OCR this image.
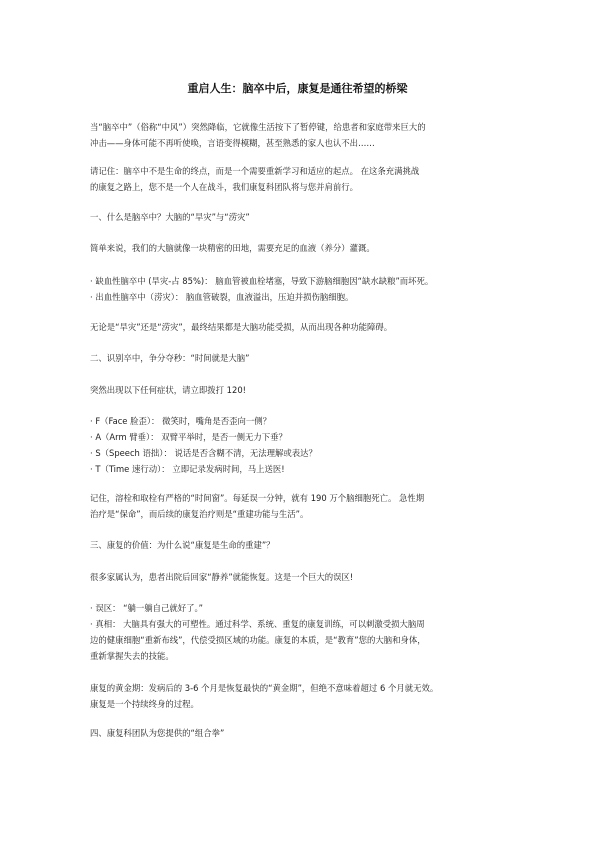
重启人生：脑卒中后，康复是通往希望的桥梁
当“脑卒中”（俗称“中风”）突然降临，它就像生活按下了暂停键，给患者和家庭带来巨大的
冲击——身体可能不再听使唤，言语变得模糊，甚至熟悉的家人也认不出……
请记住：脑卒中不是生命的终点，而是一个需要重新学习和适应的起点。 在这条充满挑战
的康复之路上，您不是一个人在战斗，我们康复科团队将与您并肩前行。
一、什么是脑卒中？大脑的“旱灾”与“涝灾”
简单来说，我们的大脑就像一块精密的田地，需要充足的血液（养分）灌溉。
· 缺血性脑卒中 (旱灾-占 85%)： 脑血管被血栓堵塞，导致下游脑细胞因“缺水缺粮”而坏死。
· 出血性脑卒中（涝灾）： 脑血管破裂，血液溢出，压迫并损伤脑细胞。
无论是“旱灾”还是“涝灾”，最终结果都是大脑功能受损，从而出现各种功能障碍。
二、识别卒中，争分夺秒：“时间就是大脑”
突然出现以下任何症状，请立即拨打 120!
· F（Face 脸歪）： 微笑时，嘴角是否歪向一侧？
· A（Arm 臂垂）： 双臂平举时，是否一侧无力下垂？
· S（Speech 语拙）： 说话是否含糊不清，无法理解或表达？
· T（Time 速行动）： 立即记录发病时间，马上送医!
记住，溶栓和取栓有严格的“时间窗”。每延误一分钟，就有 190 万个脑细胞死亡。 急性期
治疗是“保命”，而后续的康复治疗则是“重建功能与生活”。
三、康复的价值：为什么说“康复是生命的重建”？
很多家属认为，患者出院后回家“静养”就能恢复。这是一个巨大的误区!
· 误区： “躺一躺自己就好了。”
· 真相： 大脑具有强大的可塑性。通过科学、系统、重复的康复训练，可以刺激受损大脑周
边的健康细胞“重新布线”，代偿受损区域的功能。康复的本质，是“教育”您的大脑和身体，
重新掌握失去的技能。
康复的黄金期：发病后的 3-6 个月是恢复最快的“黄金期”，但绝不意味着超过 6 个月就无效。
康复是一个持续终身的过程。
四、康复科团队为您提供的“组合拳”
